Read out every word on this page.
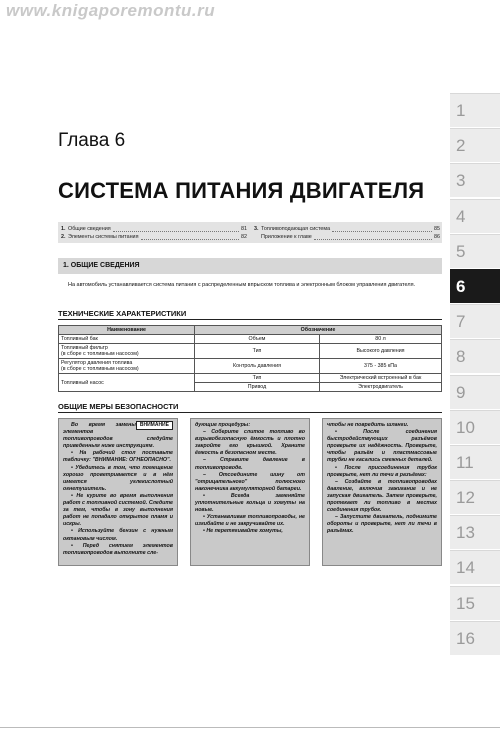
www.knigaporemontu.ru
1
2
3
4
5
6
7
8
9
10
11
12
13
14
15
16
Глава 6
СИСТЕМА ПИТАНИЯ ДВИГАТЕЛЯ
1. Общие сведения	81
2. Элементы системы питания	82
3. Топливоподающая система	85
Приложение к главе	86
1. ОБЩИЕ СВЕДЕНИЯ
На автомобиль устанавливается система питания с распределенным впрыском топлива и электронным блоком управления двигателя.
ТЕХНИЧЕСКИЕ ХАРАКТЕРИСТИКИ
Наименование	Обозначение	
Топливный бак	Объем	80 л
Топливный фильтр
(в сборе с топливным насосом)	Тип	Высокого давления
Регулятор давления топлива
(в сборе с топливным насосом)	Контроль давления	375 - 385 кПа
Топливный насос	Тип	Электрический встроенный в бак
	Привод	Электродвигатель
ОБЩИЕ МЕРЫ БЕЗОПАСНОСТИ
ВНИМАНИЕ

Во время замены элементов топливопроводов следуйте приведенным ниже инструкциям.

• На рабочий стол поставьте табличку: "ВНИМАНИЕ: ОГНЕОПАСНО".

• Убедитесь в том, что помещение хорошо проветривается и в нём имеется углекислотный огнетушитель.

• Не курите во время выполнения работ с топливной системой. Следите за тем, чтобы в зону выполнения работ не попадало открытое пламя и искры.

• Используйте бензин с нужным октановым числом.

• Перед снятием элементов топливопроводов выполните сле-

дующие процедуры:

– Соберите слитое топливо во взрывобезопасную ёмкость и плотно закройте его крышкой. Храните ёмкость в безопасном месте.

– Стравите давление в топливопроводе.

– Отсоедините шину от "отрицательного" полюсного наконечника аккумуляторной батареи.

• Всегда заменяйте уплотнительные кольца и хомуты на новые.

• Устанавливая топливопроводы, не изгибайте и не закручивайте их.

• Не перетягивайте хомуты,

чтобы не повредить шланги.

• После соединения быстродействующих разъёмов проверьте их надёжность. Проверьте, чтобы разъём и пластмассовые трубки не касались смежных деталей.

• После присоединения трубок проверьте, нет ли течи в разъёмах:

– Создайте в топливопроводах давление, включив зажигание и не запуская двигатель. Затем проверьте, протекает ли топливо в местах соединения трубок.

– Запустите двигатель, поднимите обороты и проверьте, нет ли течи в разъёмах.
